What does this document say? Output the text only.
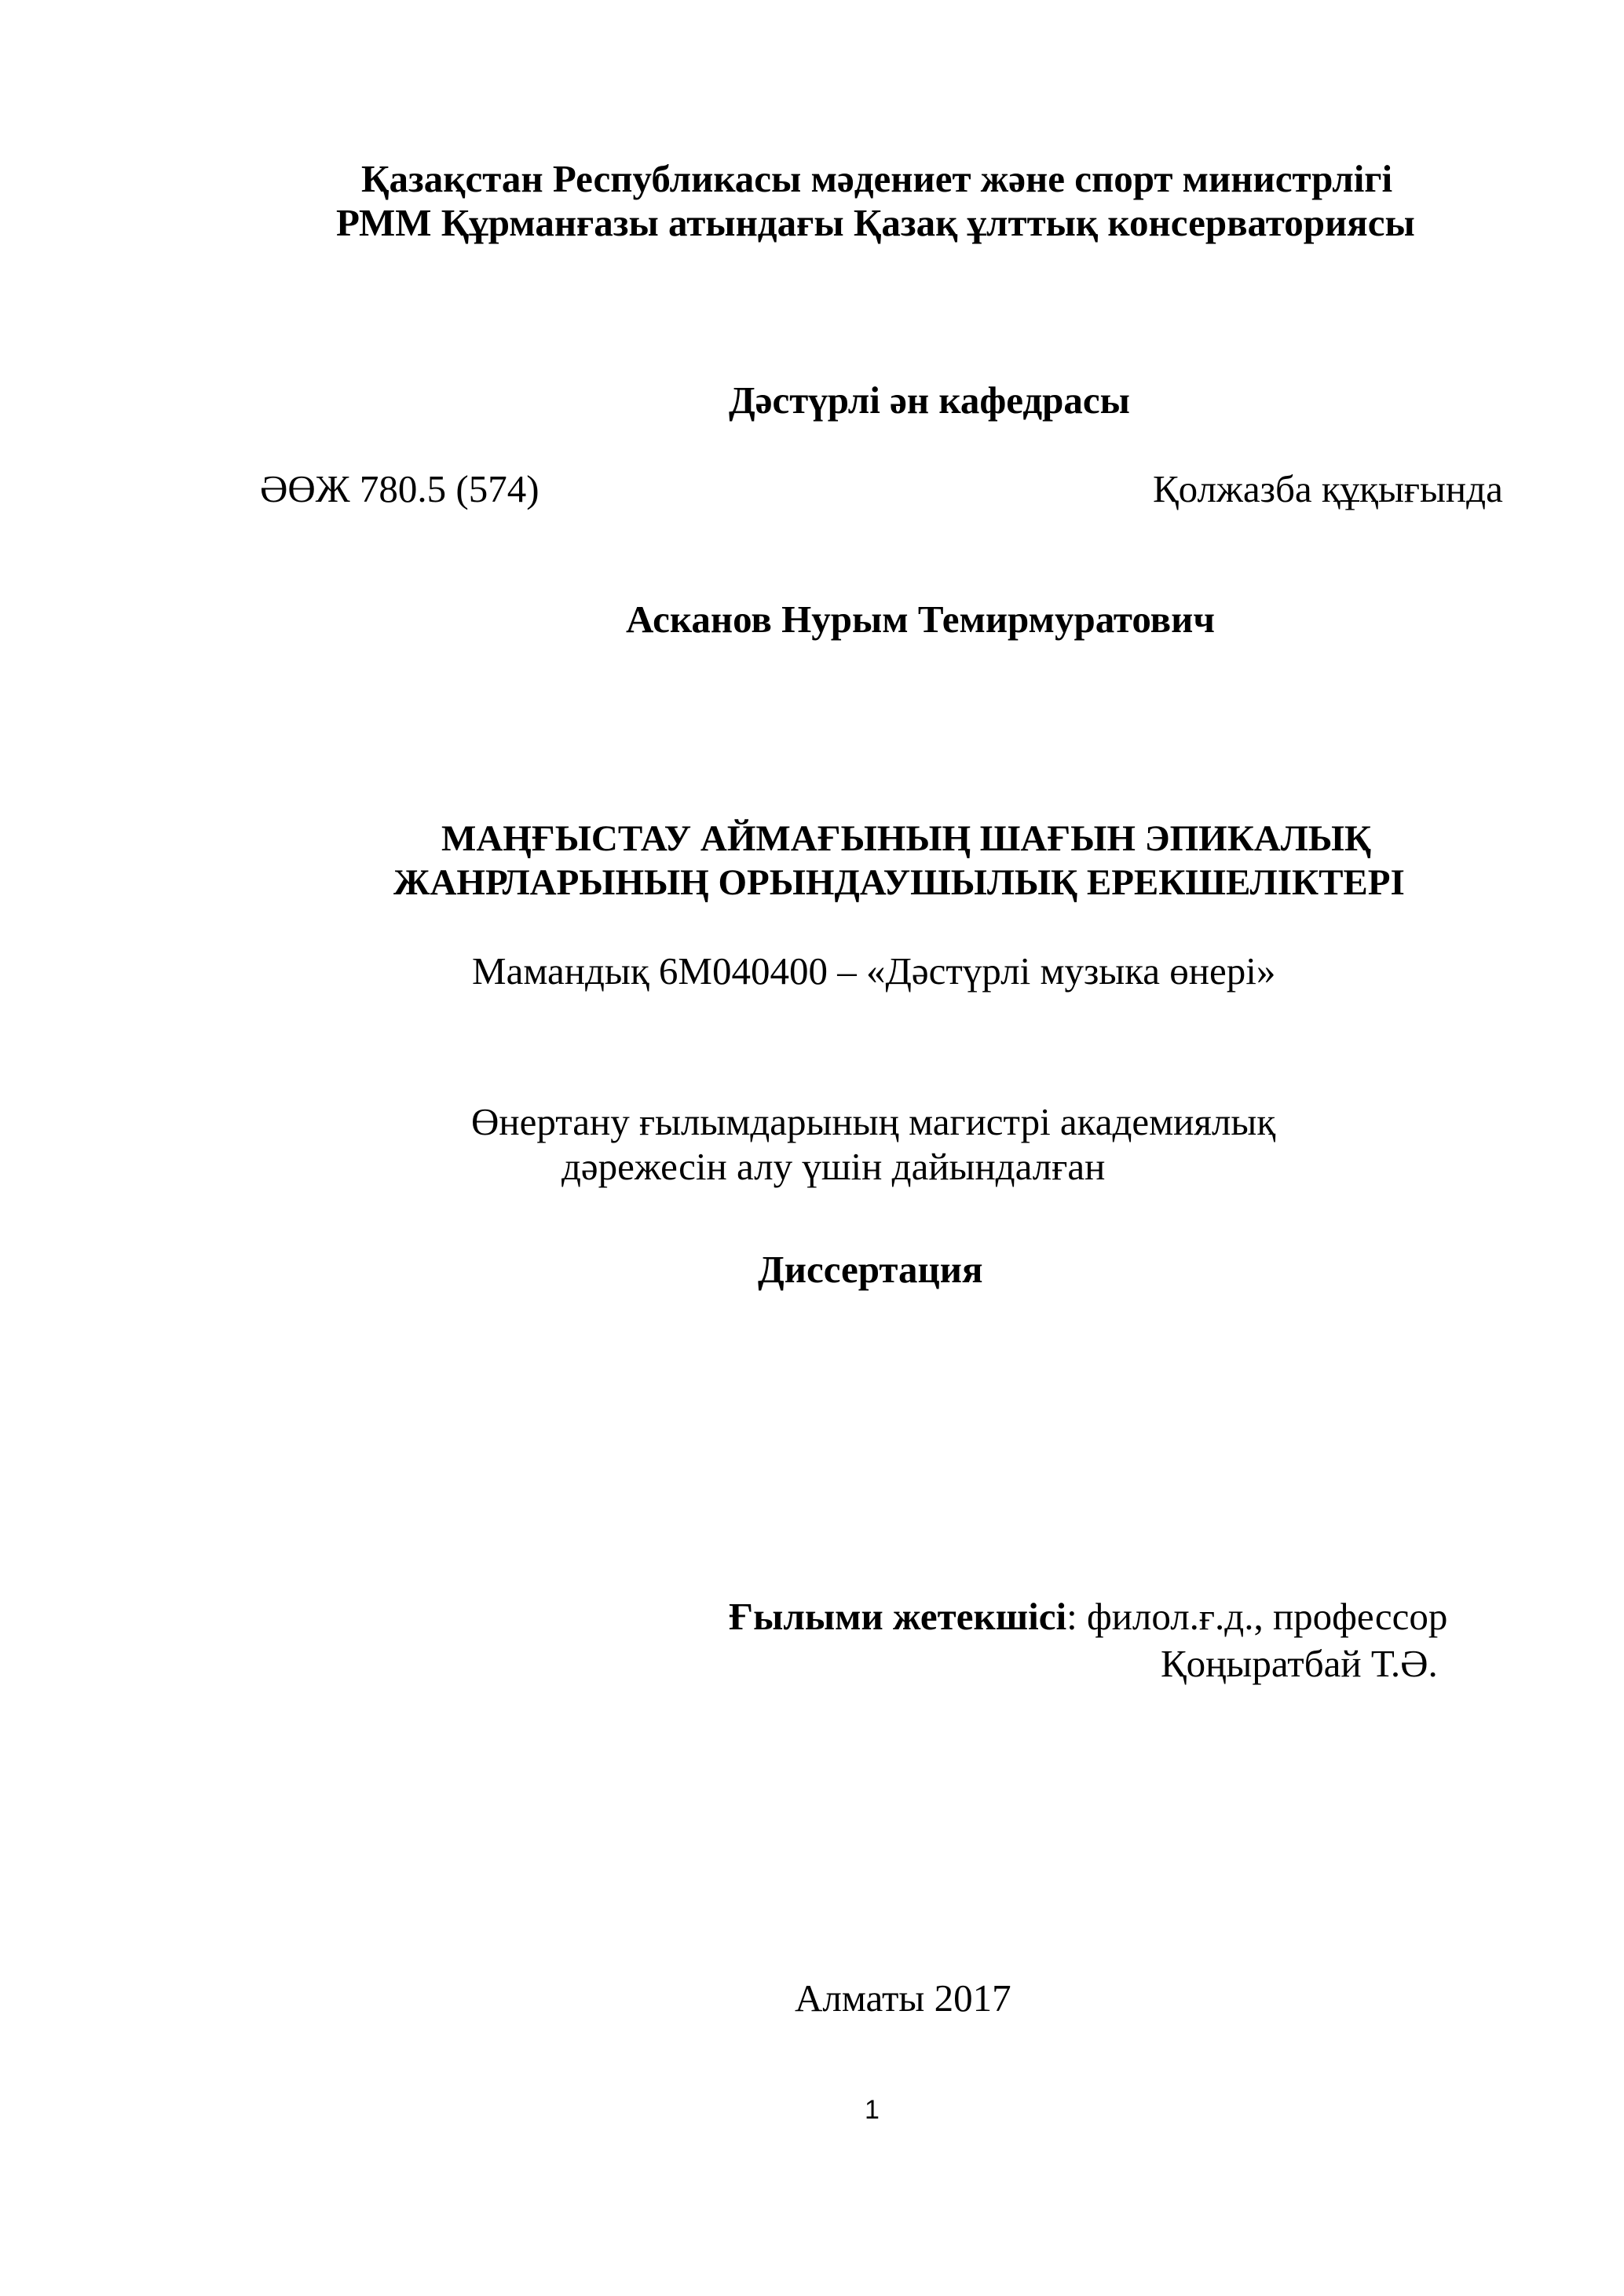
Қазақстан Республикасы мәдениет және спорт министрлігі
РММ Құрманғазы атындағы Қазақ ұлттық консерваториясы
Дәстүрлі ән кафедрасы
ӘӨЖ 780.5 (574)	Қолжазба құқығында
Асканов Нурым Темирмуратович
МАҢҒЫСТАУ АЙМАҒЫНЫҢ ШАҒЫН ЭПИКАЛЫҚ
ЖАНРЛАРЫНЫҢ ОРЫНДАУШЫЛЫҚ ЕРЕКШЕЛІКТЕРІ
Мамандық 6М040400 – «Дәстүрлі музыка өнері»
Өнертану ғылымдарының магистрі академиялық
дәрежесін алу үшін дайындалған
Диссертация
Ғылыми жетекшісі: филол.ғ.д., профессор
Қоңыратбай Т.Ә.
Алматы 2017
1
